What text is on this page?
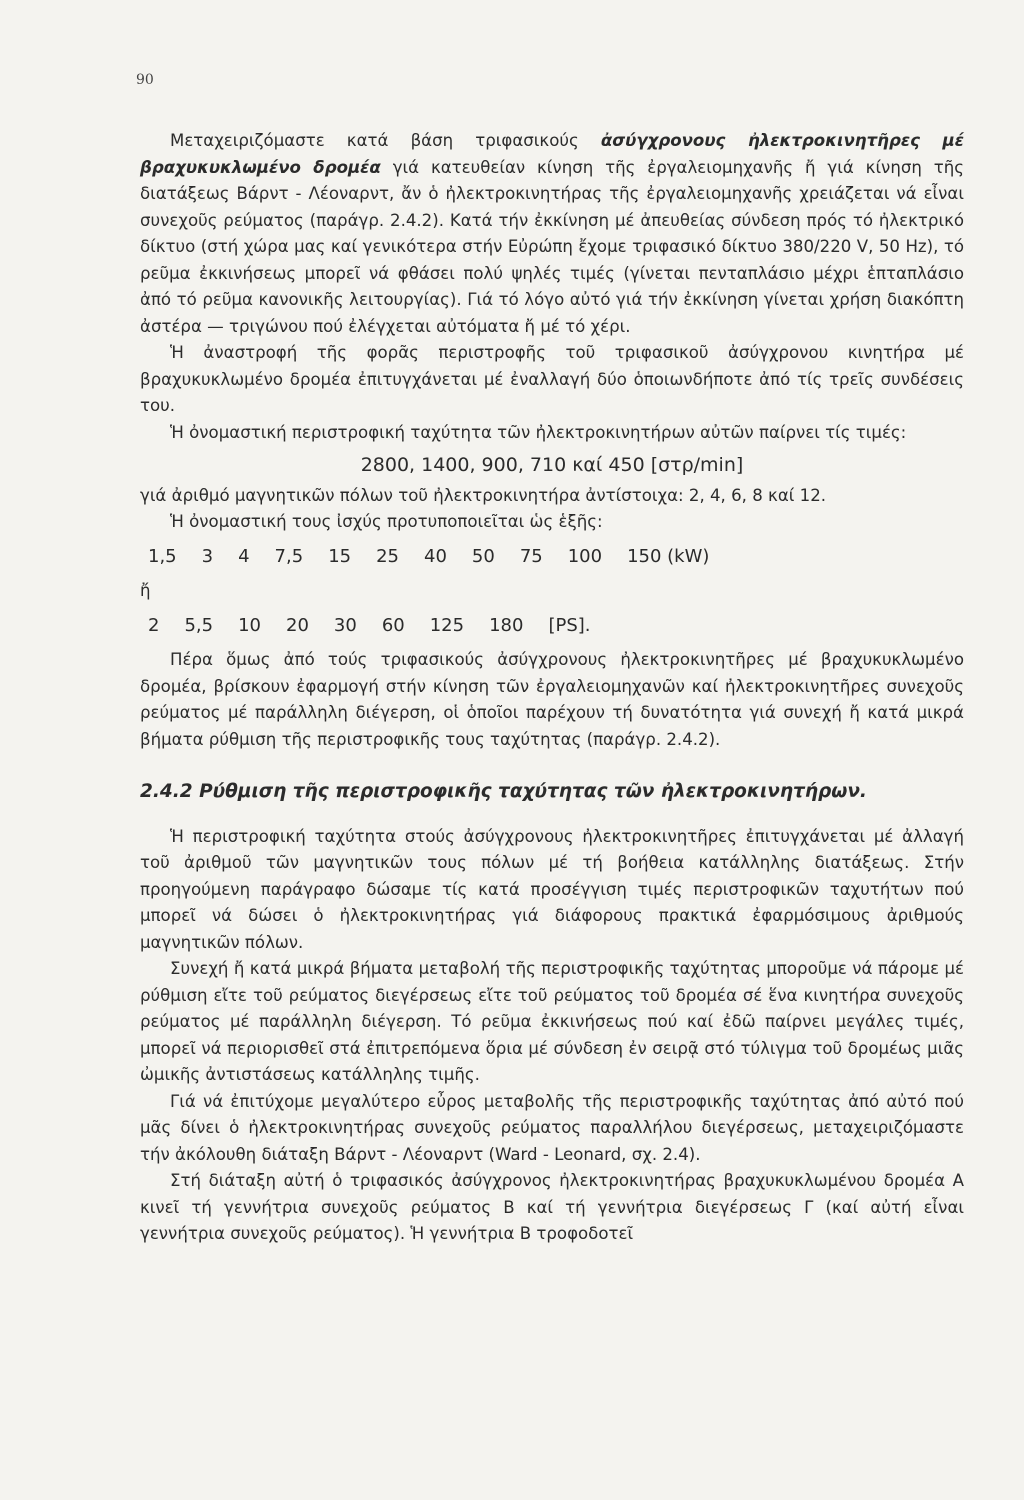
90

Μεταχειριζόμαστε κατά βάση τριφασικούς ἀσύγχρονους ἠλεκτροκινητῆρες μέ βραχυκυκλωμένο δρομέα γιά κατευθείαν κίνηση τῆς ἐργαλειομηχανῆς ἤ γιά κίνηση τῆς διατάξεως Βάρντ - Λέοναρντ, ἄν ὁ ἠλεκτροκινητήρας τῆς ἐργαλειομηχανῆς χρειάζεται νά εἶναι συνεχοῦς ρεύματος (παράγρ. 2.4.2). Κατά τήν ἐκκίνηση μέ ἀπευθείας σύνδεση πρός τό ἠλεκτρικό δίκτυο (στή χώρα μας καί γενικότερα στήν Εὐρώπη ἔχομε τριφασικό δίκτυο 380/220 V, 50 Hz), τό ρεῦμα ἐκκινήσεως μπορεῖ νά φθάσει πολύ ψηλές τιμές (γίνεται πενταπλάσιο μέχρι ἑπταπλάσιο ἀπό τό ρεῦμα κανονικῆς λειτουργίας). Γιά τό λόγο αὐτό γιά τήν ἐκκίνηση γίνεται χρήση διακόπτη ἀστέρα — τριγώνου πού ἐλέγχεται αὐτόματα ἤ μέ τό χέρι.

Ἡ ἀναστροφή τῆς φορᾶς περιστροφῆς τοῦ τριφασικοῦ ἀσύγχρονου κινητήρα μέ βραχυκυκλωμένο δρομέα ἐπιτυγχάνεται μέ ἐναλλαγή δύο ὁποιωνδήποτε ἀπό τίς τρεῖς συνδέσεις του.

Ἡ ὀνομαστική περιστροφική ταχύτητα τῶν ἠλεκτροκινητήρων αὐτῶν παίρνει τίς τιμές:

2800, 1400, 900, 710 καί 450 [στρ/min]

γιά ἀριθμό μαγνητικῶν πόλων τοῦ ἠλεκτροκινητήρα ἀντίστοιχα: 2, 4, 6, 8 καί 12.

Ἡ ὀνομαστική τους ἰσχύς προτυποποιεῖται ὡς ἑξῆς:

1,5 3 4 7,5 15 25 40 50 75 100 150 (kW)

ἤ

2 5,5 10 20 30 60 125 180 [PS].

Πέρα ὅμως ἀπό τούς τριφασικούς ἀσύγχρονους ἠλεκτροκινητῆρες μέ βραχυκυκλωμένο δρομέα, βρίσκουν ἐφαρμογή στήν κίνηση τῶν ἐργαλειομηχανῶν καί ἠλεκτροκινητῆρες συνεχοῦς ρεύματος μέ παράλληλη διέγερση, οἱ ὁποῖοι παρέχουν τή δυνατότητα γιά συνεχή ἤ κατά μικρά βήματα ρύθμιση τῆς περιστροφικῆς τους ταχύτητας (παράγρ. 2.4.2).

2.4.2 Ρύθμιση τῆς περιστροφικῆς ταχύτητας τῶν ἠλεκτροκινητήρων.

Ἡ περιστροφική ταχύτητα στούς ἀσύγχρονους ἠλεκτροκινητῆρες ἐπιτυγχάνεται μέ ἀλλαγή τοῦ ἀριθμοῦ τῶν μαγνητικῶν τους πόλων μέ τή βοήθεια κατάλληλης διατάξεως. Στήν προηγούμενη παράγραφο δώσαμε τίς κατά προσέγγιση τιμές περιστροφικῶν ταχυτήτων πού μπορεῖ νά δώσει ὁ ἠλεκτροκινητήρας γιά διάφορους πρακτικά ἐφαρμόσιμους ἀριθμούς μαγνητικῶν πόλων.

Συνεχή ἤ κατά μικρά βήματα μεταβολή τῆς περιστροφικῆς ταχύτητας μποροῦμε νά πάρομε μέ ρύθμιση εἴτε τοῦ ρεύματος διεγέρσεως εἴτε τοῦ ρεύματος τοῦ δρομέα σέ ἕνα κινητήρα συνεχοῦς ρεύματος μέ παράλληλη διέγερση. Τό ρεῦμα ἐκκινήσεως πού καί ἐδῶ παίρνει μεγάλες τιμές, μπορεῖ νά περιορισθεῖ στά ἐπιτρεπόμενα ὅρια μέ σύνδεση ἐν σειρᾷ στό τύλιγμα τοῦ δρομέως μιᾶς ὠμικῆς ἀντιστάσεως κατάλληλης τιμῆς.

Γιά νά ἐπιτύχομε μεγαλύτερο εὖρος μεταβολῆς τῆς περιστροφικῆς ταχύτητας ἀπό αὐτό πού μᾶς δίνει ὁ ἠλεκτροκινητήρας συνεχοῦς ρεύματος παραλλήλου διεγέρσεως, μεταχειριζόμαστε τήν ἀκόλουθη διάταξη Βάρντ - Λέοναρντ (Ward - Leonard, σχ. 2.4).

Στή διάταξη αὐτή ὁ τριφασικός ἀσύγχρονος ἠλεκτροκινητήρας βραχυκυκλωμένου δρομέα Α κινεῖ τή γεννήτρια συνεχοῦς ρεύματος Β καί τή γεννήτρια διεγέρσεως Γ (καί αὐτή εἶναι γεννήτρια συνεχοῦς ρεύματος). Ἡ γεννήτρια Β τροφοδοτεῖ
